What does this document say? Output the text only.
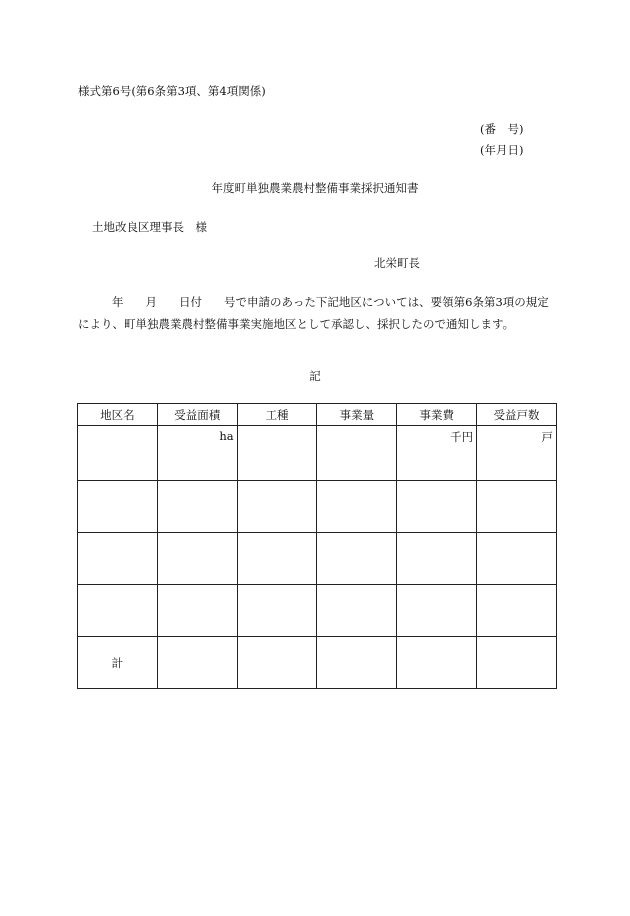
様式第6号(第6条第3項、第4項関係)
(番　号)
(年月日)
年度町単独農業農村整備事業採択通知書
土地改良区理事長　様
北栄町長
年 月 日付 号で申請のあった下記地区については、要領第6条第3項の規定により、町単独農業農村整備事業実施地区として承認し、採択したので通知します。
記
地区名	受益面積	工種	事業量	事業費	受益戸数
	ha			千円	戸

計					
